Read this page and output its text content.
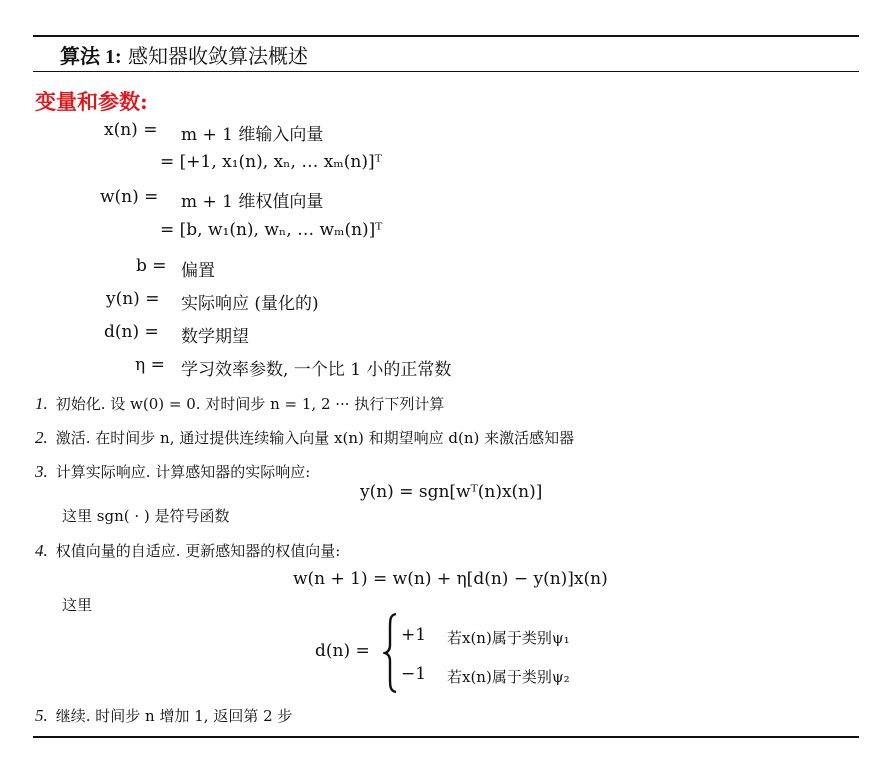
算法 1: 感知器收敛算法概述
变量和参数:
x(n) = m + 1 维输入向量
= [+1, x₁(n), xₙ, … xₘ(n)]ᵀ
w(n) = m + 1 维权值向量
= [b, w₁(n), wₙ, … wₘ(n)]ᵀ
b = 偏置
y(n) = 实际响应 (量化的)
d(n) = 数学期望
η = 学习效率参数, 一个比 1 小的正常数
1. 初始化. 设 w(0) = 0. 对时间步 n = 1, 2 ··· 执行下列计算
2. 激活. 在时间步 n, 通过提供连续输入向量 x(n) 和期望响应 d(n) 来激活感知器
3. 计算实际响应. 计算感知器的实际响应:
y(n) = sgn[wᵀ(n)x(n)]
这里 sgn( · ) 是符号函数
4. 权值向量的自适应. 更新感知器的权值向量:
w(n + 1) = w(n) + η[d(n) − y(n)]x(n)
这里
d(n) =
+1 若x(n)属于类别ψ₁
−1 若x(n)属于类别ψ₂
5. 继续. 时间步 n 增加 1, 返回第 2 步
